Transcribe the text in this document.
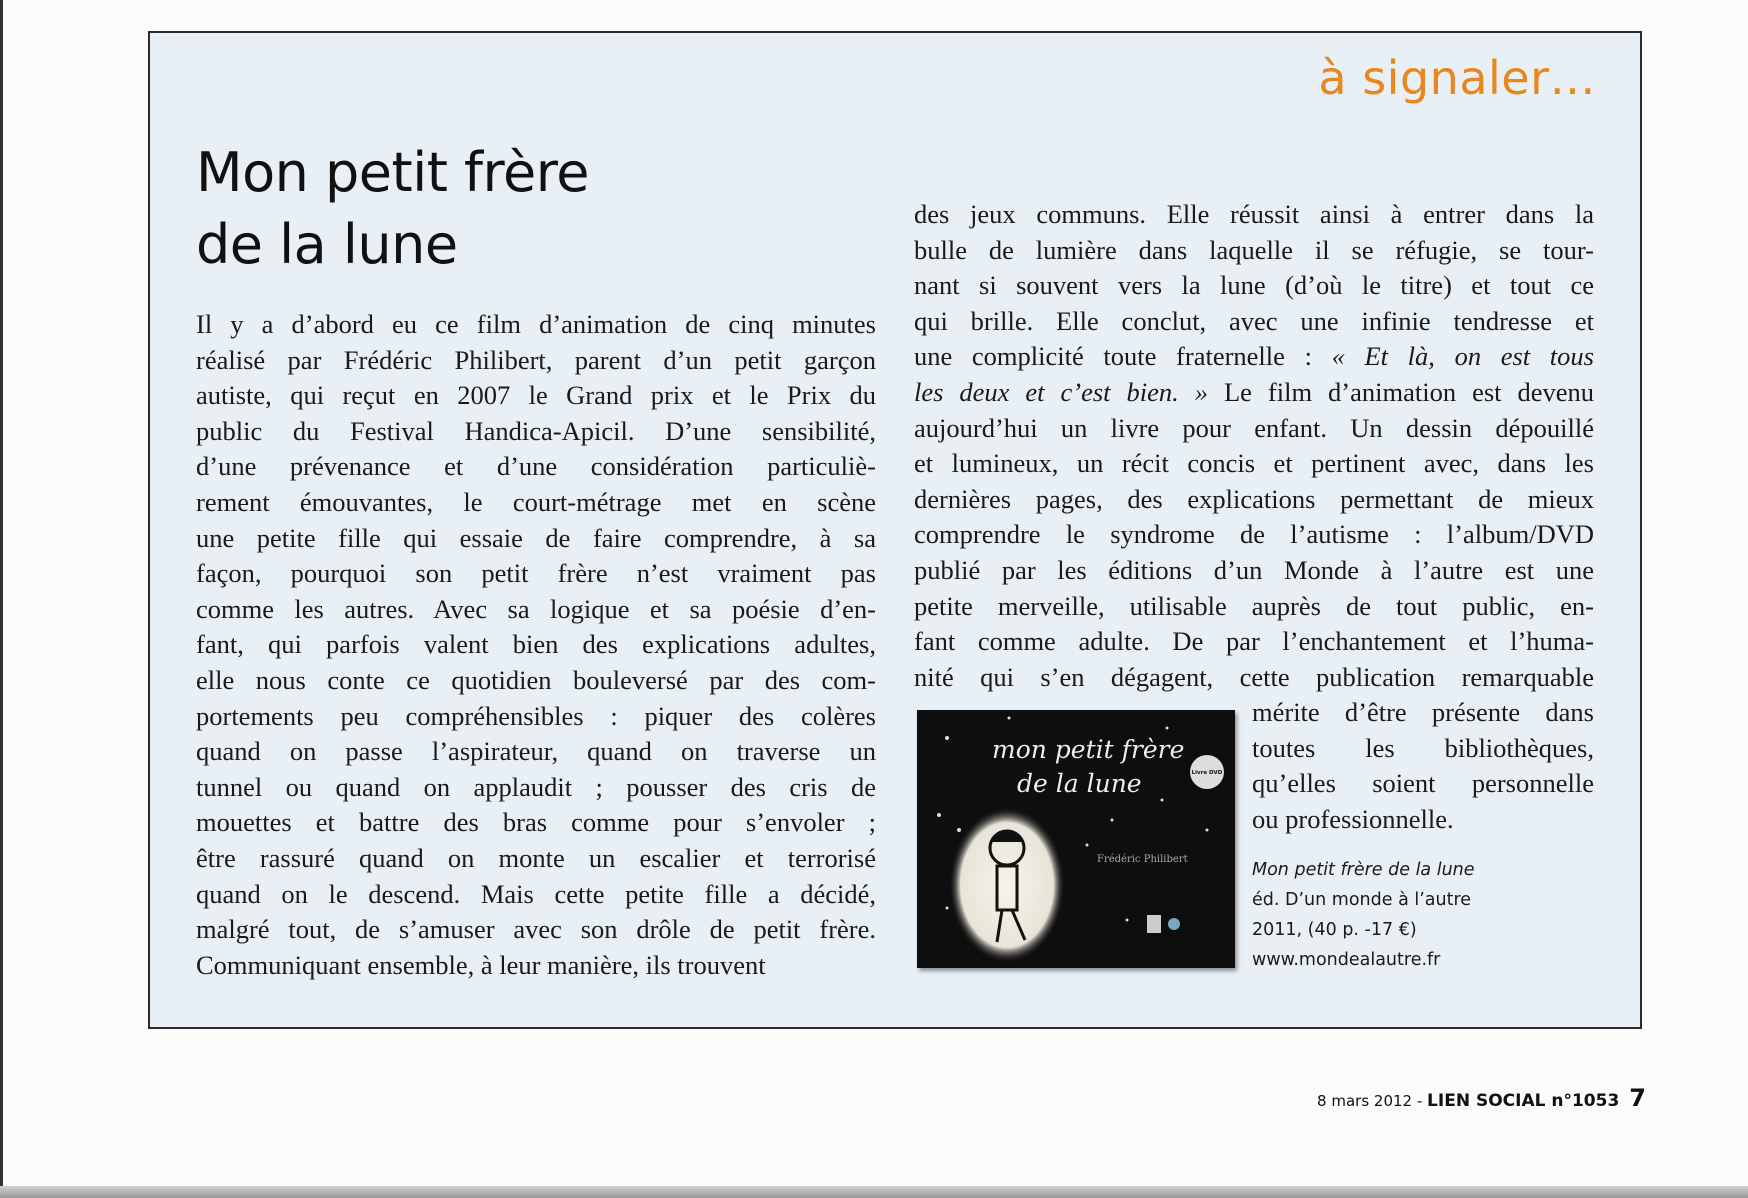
à signaler…
Mon petit frère
de la lune
Il y a d’abord eu ce film d’animation de cinq minutes
réalisé par Frédéric Philibert, parent d’un petit garçon
autiste, qui reçut en 2007 le Grand prix et le Prix du
public du Festival Handica-Apicil. D’une sensibilité,
d’une prévenance et d’une considération particuliè-
rement émouvantes, le court-métrage met en scène
une petite fille qui essaie de faire comprendre, à sa
façon, pourquoi son petit frère n’est vraiment pas
comme les autres. Avec sa logique et sa poésie d’en-
fant, qui parfois valent bien des explications adultes,
elle nous conte ce quotidien bouleversé par des com-
portements peu compréhensibles : piquer des colères
quand on passe l’aspirateur, quand on traverse un
tunnel ou quand on applaudit ; pousser des cris de
mouettes et battre des bras comme pour s’envoler ;
être rassuré quand on monte un escalier et terrorisé
quand on le descend. Mais cette petite fille a décidé,
malgré tout, de s’amuser avec son drôle de petit frère.
Communiquant ensemble, à leur manière, ils trouvent
des jeux communs. Elle réussit ainsi à entrer dans la
bulle de lumière dans laquelle il se réfugie, se tour-
nant si souvent vers la lune (d’où le titre) et tout ce
qui brille. Elle conclut, avec une infinie tendresse et
une complicité toute fraternelle : « Et là, on est tous
les deux et c’est bien. » Le film d’animation est devenu
aujourd’hui un livre pour enfant. Un dessin dépouillé
et lumineux, un récit concis et pertinent avec, dans les
dernières pages, des explications permettant de mieux
comprendre le syndrome de l’autisme : l’album/DVD
publié par les éditions d’un Monde à l’autre est une
petite merveille, utilisable auprès de tout public, en-
fant comme adulte. De par l’enchantement et l’huma-
nité qui s’en dégagent, cette publication remarquable
mérite d’être présente dans
toutes les bibliothèques,
qu’elles soient personnelle
ou professionnelle.
mon petit frère
de la lune	Livre DVD
Frédéric Philibert
Mon petit frère de la lune
éd. D’un monde à l’autre
2011, (40 p. -17 €)
www.mondealautre.fr
8 mars 2012 - LIEN SOCIAL n°1053 7
